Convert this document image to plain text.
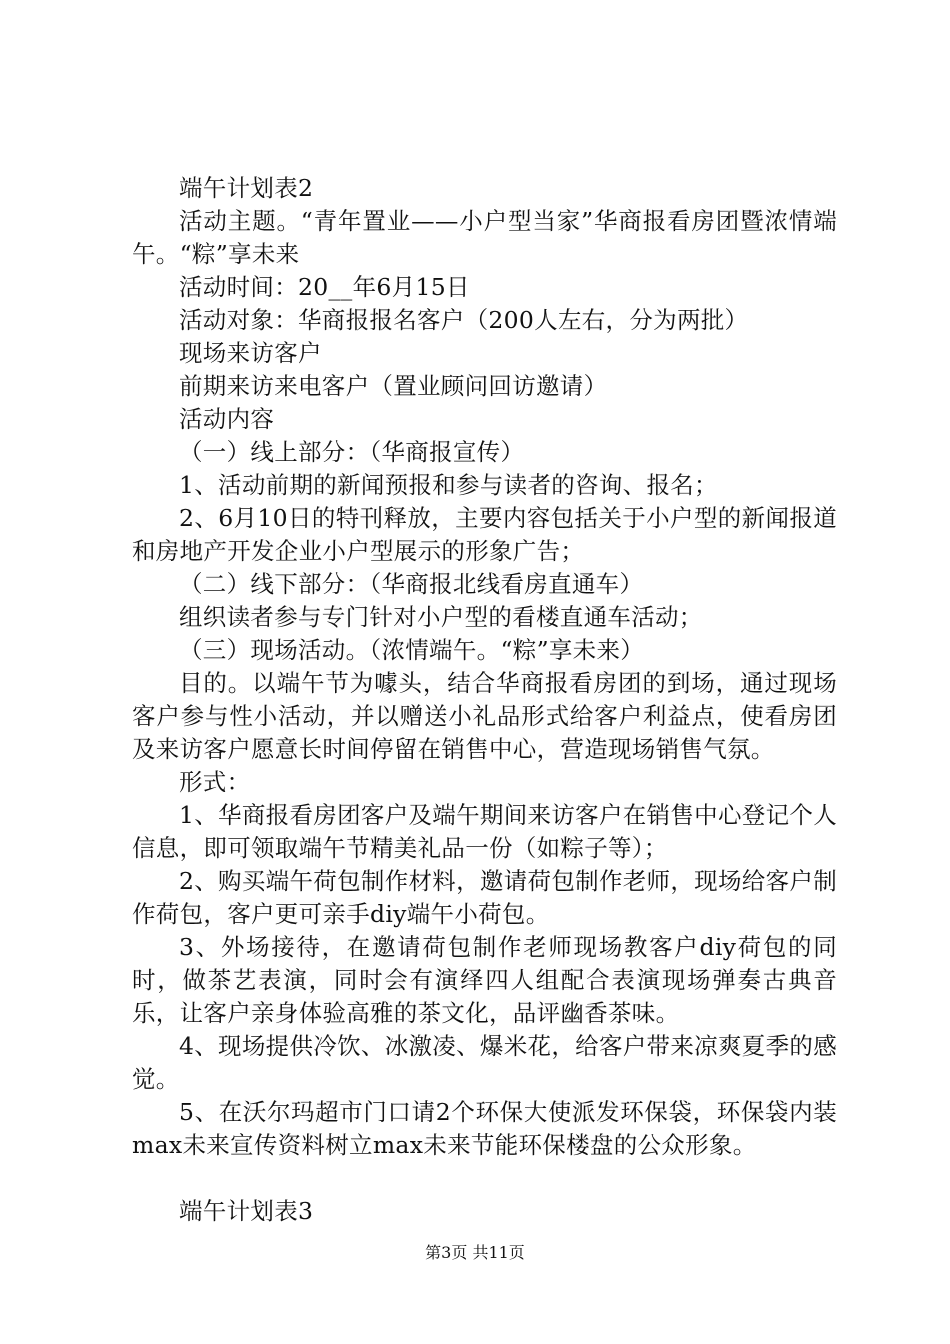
端午计划表2

活动主题。“青年置业——小户型当家”华商报看房团暨浓情端午。“粽”享未来

活动时间：20__年6月15日

活动对象：华商报报名客户（200人左右，分为两批）

现场来访客户

前期来访来电客户（置业顾问回访邀请）

活动内容

（一）线上部分：（华商报宣传）

1、活动前期的新闻预报和参与读者的咨询、报名；

2、6月10日的特刊释放，主要内容包括关于小户型的新闻报道和房地产开发企业小户型展示的形象广告；

（二）线下部分：（华商报北线看房直通车）

组织读者参与专门针对小户型的看楼直通车活动；

（三）现场活动。（浓情端午。“粽”享未来）

目的。以端午节为噱头，结合华商报看房团的到场，通过现场客户参与性小活动，并以赠送小礼品形式给客户利益点，使看房团及来访客户愿意长时间停留在销售中心，营造现场销售气氛。

形式：

1、华商报看房团客户及端午期间来访客户在销售中心登记个人信息，即可领取端午节精美礼品一份（如粽子等）；

2、购买端午荷包制作材料，邀请荷包制作老师，现场给客户制作荷包，客户更可亲手diy端午小荷包。

3、外场接待，在邀请荷包制作老师现场教客户diy荷包的同时，做茶艺表演，同时会有演绎四人组配合表演现场弹奏古典音乐，让客户亲身体验高雅的茶文化，品评幽香茶味。

4、现场提供冷饮、冰激凌、爆米花，给客户带来凉爽夏季的感觉。

5、在沃尔玛超市门口请2个环保大使派发环保袋，环保袋内装max未来宣传资料树立max未来节能环保楼盘的公众形象。

端午计划表3

第3页 共11页
